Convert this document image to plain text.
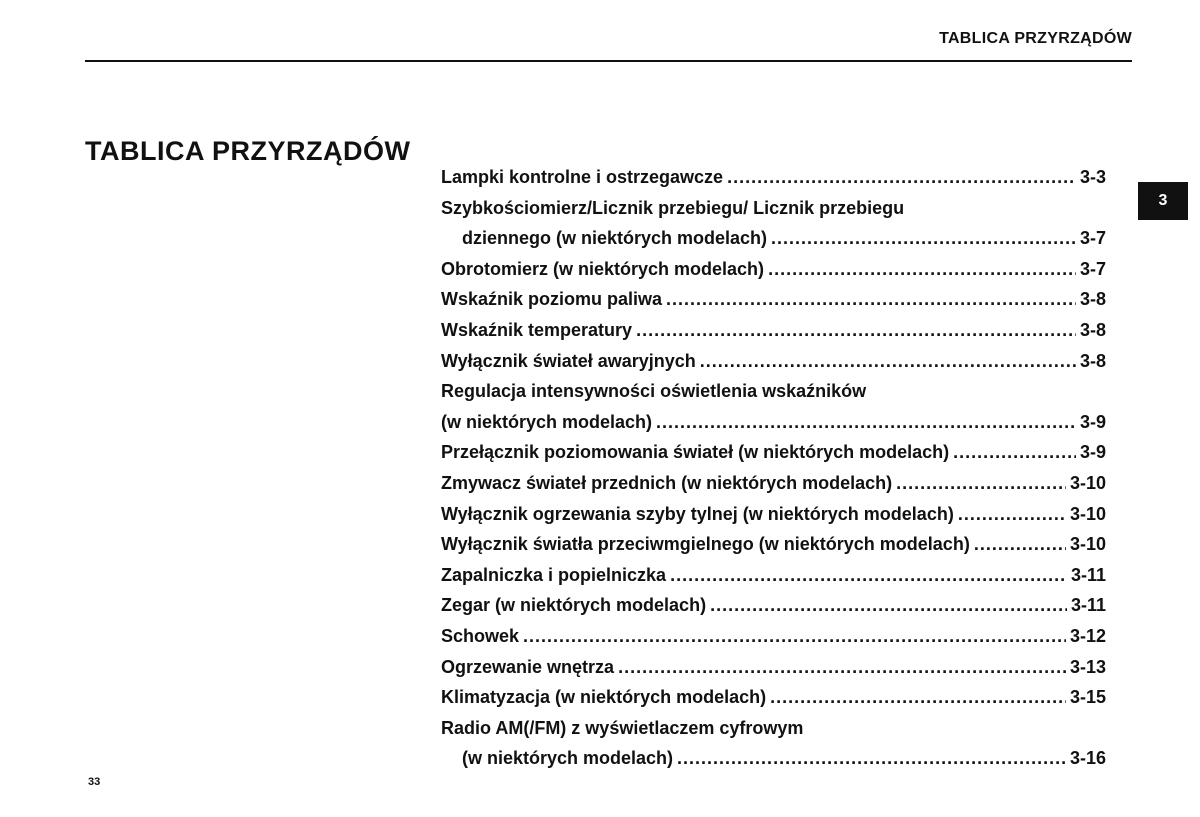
TABLICA PRZYRZĄDÓW
TABLICA PRZYRZĄDÓW
3
Lampki kontrolne i ostrzegawcze .....	3-3
Szybkościomierz/Licznik przebiegu/ Licznik przebiegu
dziennego (w niektórych modelach) .....	3-7
Obrotomierz (w niektórych modelach) .....	3-7
Wskaźnik poziomu paliwa .....	3-8
Wskaźnik temperatury .....	3-8
Wyłącznik świateł awaryjnych .....	3-8
Regulacja intensywności oświetlenia wskaźników
(w niektórych modelach) .....	3-9
Przełącznik poziomowania świateł (w niektórych modelach) .....	3-9
Zmywacz świateł przednich (w niektórych modelach) .....	3-10
Wyłącznik ogrzewania szyby tylnej (w niektórych modelach) .....	3-10
Wyłącznik światła przeciwmgielnego (w niektórych modelach) .....	3-10
Zapalniczka i popielniczka .....	3-11
Zegar (w niektórych modelach) .....	3-11
Schowek .....	3-12
Ogrzewanie wnętrza .....	3-13
Klimatyzacja (w niektórych modelach) .....	3-15
Radio AM(/FM) z wyświetlaczem cyfrowym
(w niektórych modelach) .....	3-16
33
